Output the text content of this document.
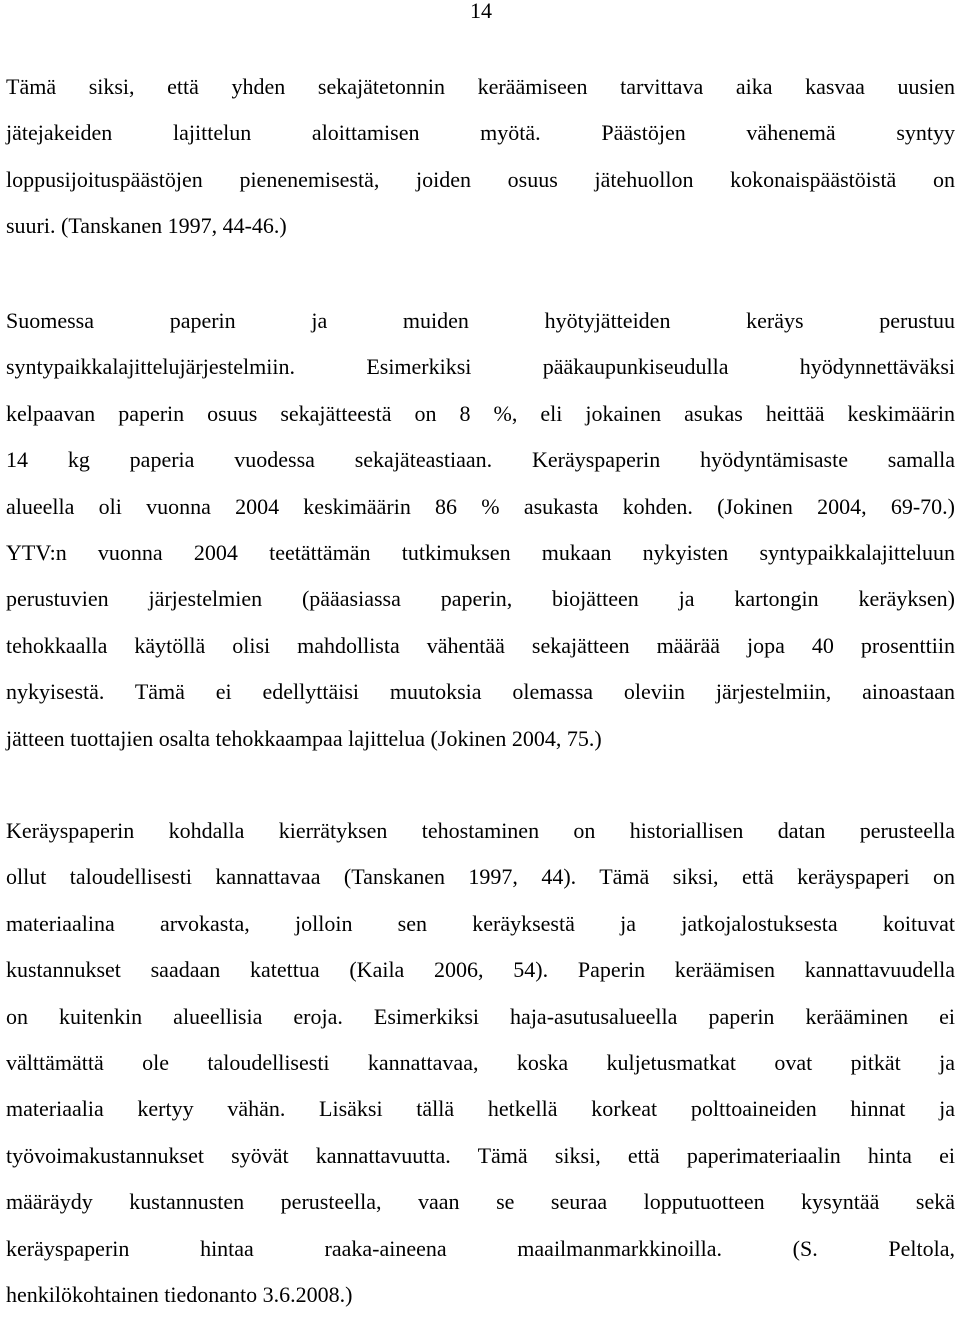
14
Tämä siksi, että yhden sekajätetonnin keräämiseen tarvittava aika kasvaa uusien
jätejakeiden lajittelun aloittamisen myötä. Päästöjen vähenemä syntyy
loppusijoituspäästöjen pienenemisestä, joiden osuus jätehuollon kokonaispäästöistä on
suuri. (Tanskanen 1997, 44-46.)
Suomessa paperin ja muiden hyötyjätteiden keräys perustuu
syntypaikkalajittelujärjestelmiin. Esimerkiksi pääkaupunkiseudulla hyödynnettäväksi
kelpaavan paperin osuus sekajätteestä on 8 %, eli jokainen asukas heittää keskimäärin
14 kg paperia vuodessa sekajäteastiaan. Keräyspaperin hyödyntämisaste samalla
alueella oli vuonna 2004 keskimäärin 86 % asukasta kohden. (Jokinen 2004, 69-70.)
YTV:n vuonna 2004 teetättämän tutkimuksen mukaan nykyisten syntypaikkalajitteluun
perustuvien järjestelmien (pääasiassa paperin, biojätteen ja kartongin keräyksen)
tehokkaalla käytöllä olisi mahdollista vähentää sekajätteen määrää jopa 40 prosenttiin
nykyisestä. Tämä ei edellyttäisi muutoksia olemassa oleviin järjestelmiin, ainoastaan
jätteen tuottajien osalta tehokkaampaa lajittelua (Jokinen 2004, 75.)
Keräyspaperin kohdalla kierrätyksen tehostaminen on historiallisen datan perusteella
ollut taloudellisesti kannattavaa (Tanskanen 1997, 44). Tämä siksi, että keräyspaperi on
materiaalina arvokasta, jolloin sen keräyksestä ja jatkojalostuksesta koituvat
kustannukset saadaan katettua (Kaila 2006, 54). Paperin keräämisen kannattavuudella
on kuitenkin alueellisia eroja. Esimerkiksi haja-asutusalueella paperin kerääminen ei
välttämättä ole taloudellisesti kannattavaa, koska kuljetusmatkat ovat pitkät ja
materiaalia kertyy vähän. Lisäksi tällä hetkellä korkeat polttoaineiden hinnat ja
työvoimakustannukset syövät kannattavuutta. Tämä siksi, että paperimateriaalin hinta ei
määräydy kustannusten perusteella, vaan se seuraa lopputuotteen kysyntää sekä
keräyspaperin hintaa raaka-aineena maailmanmarkkinoilla. (S. Peltola,
henkilökohtainen tiedonanto 3.6.2008.)
